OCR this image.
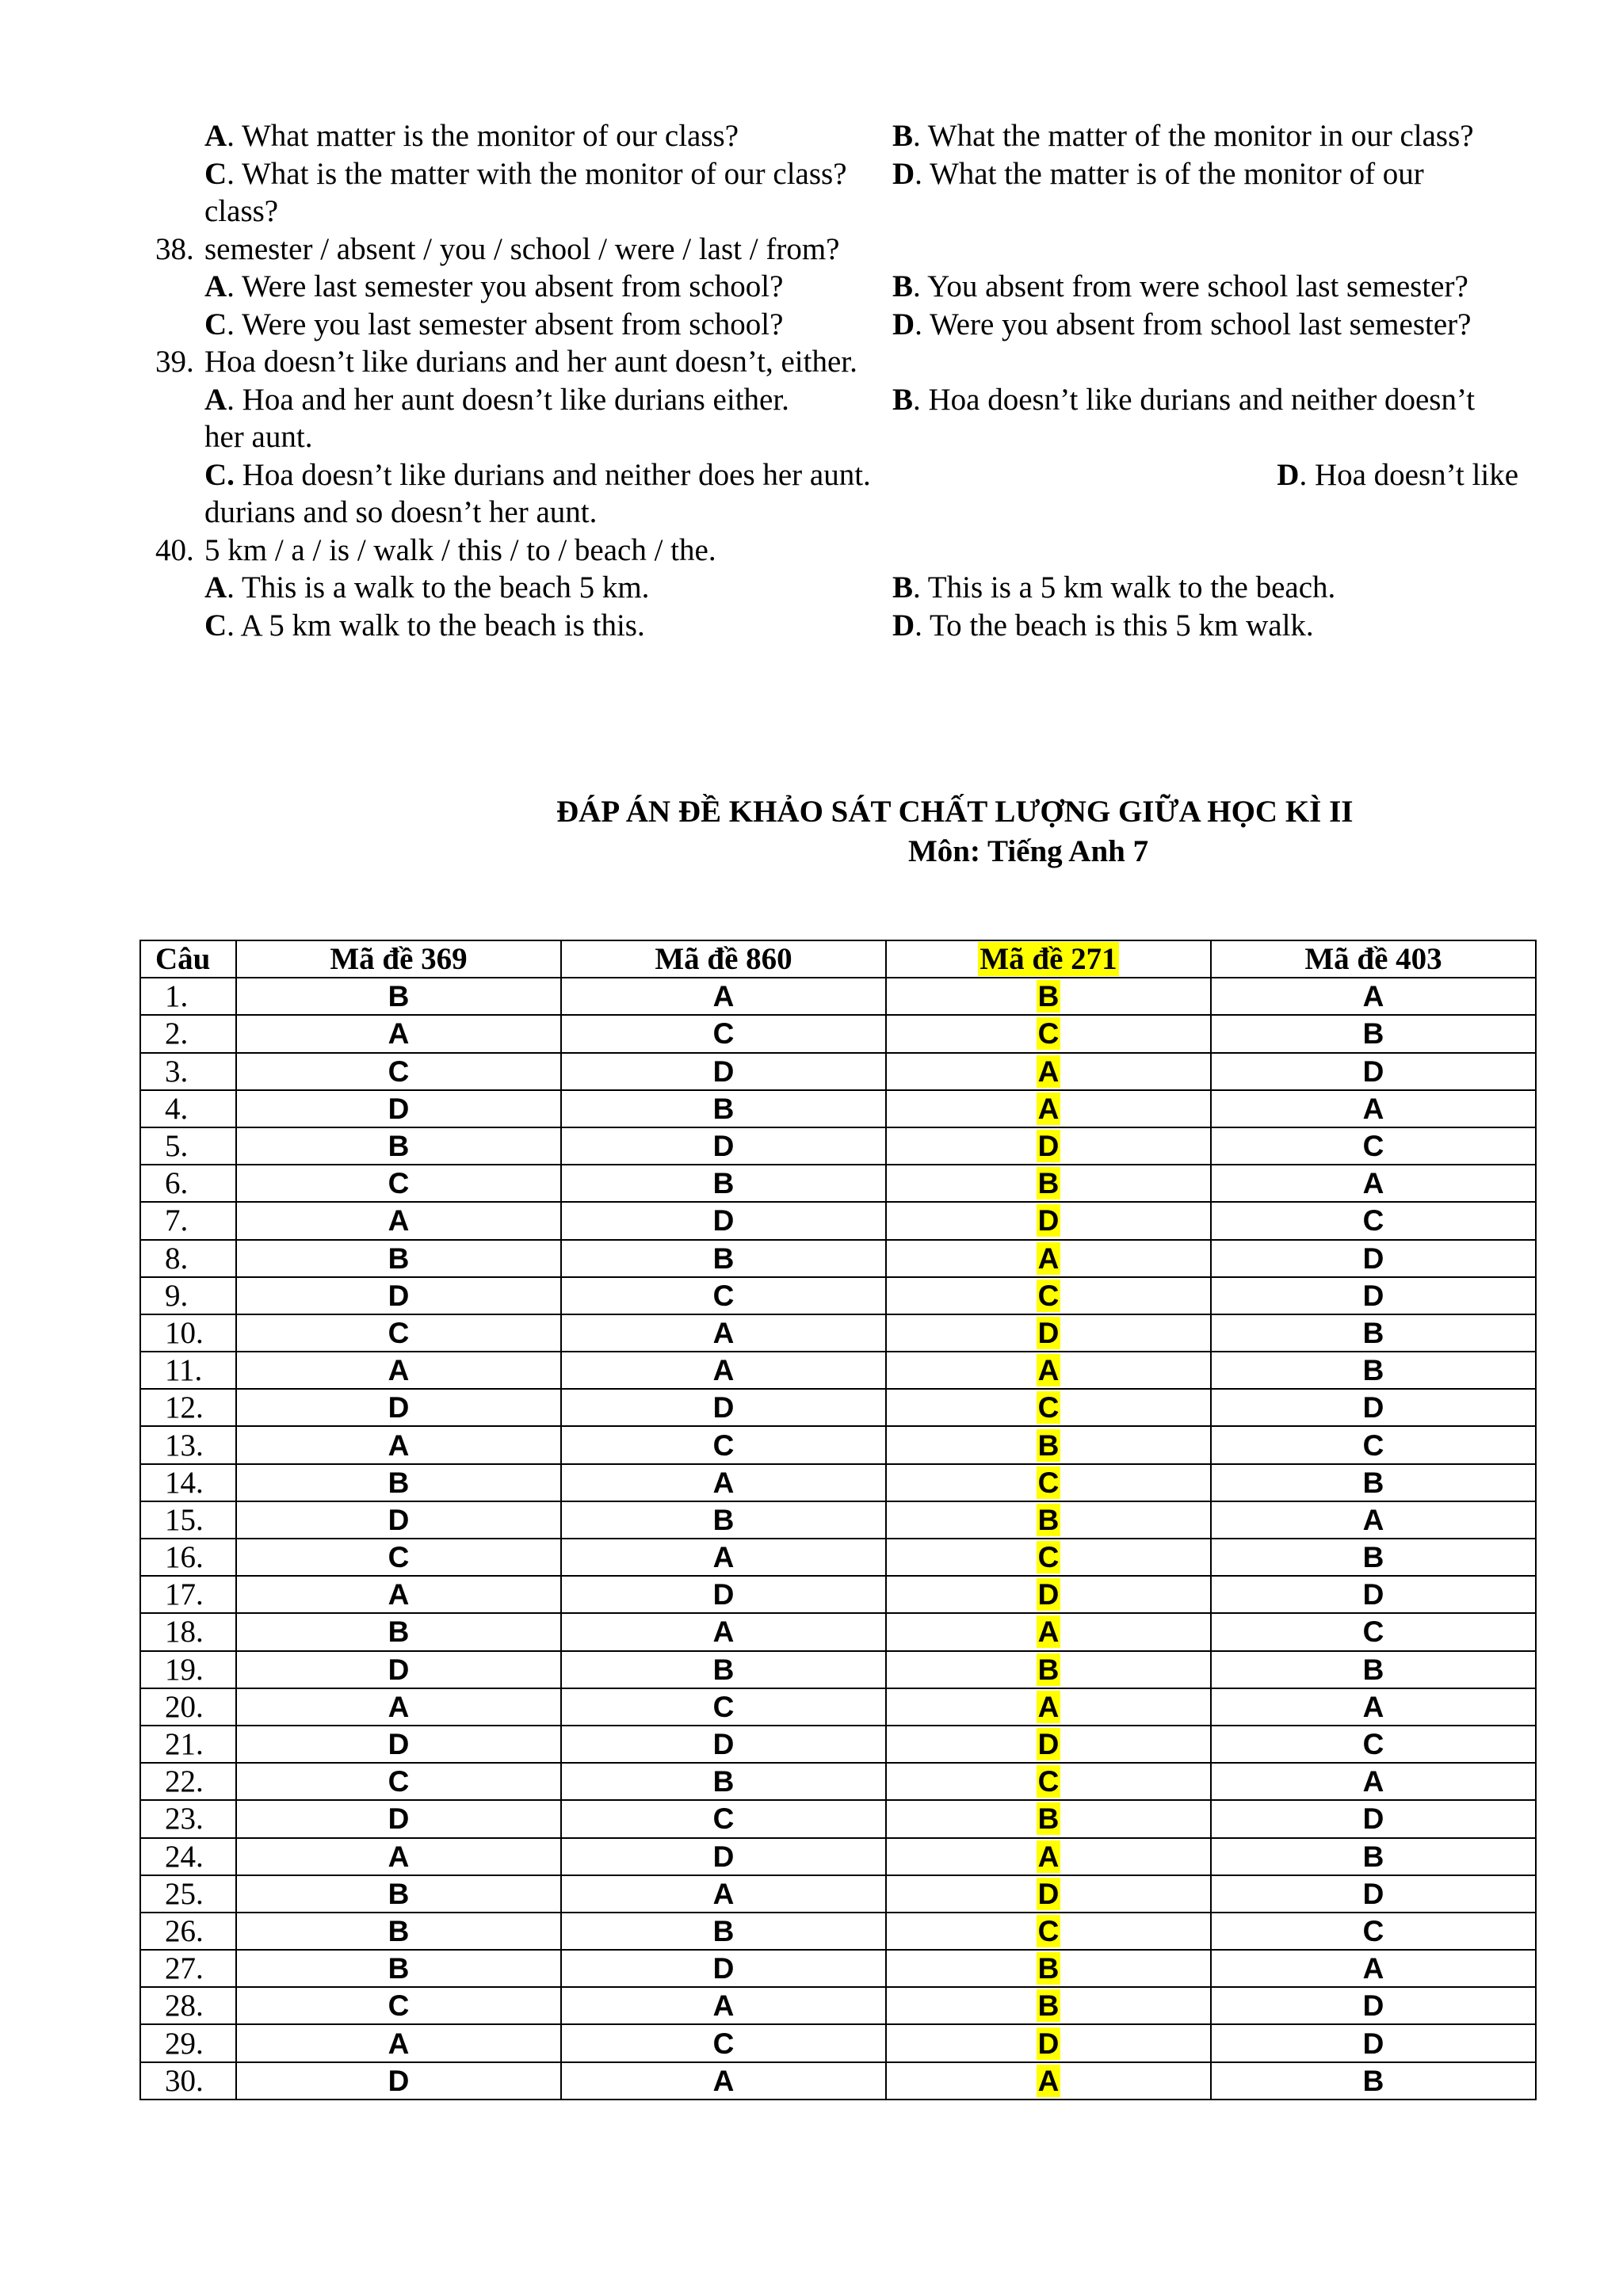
A. What matter is the monitor of our class?	B. What the matter of the monitor in our class?
C. What is the matter with the monitor of our class? D. What the matter is of the monitor of our
class?
38. semester / absent / you / school / were / last / from?
A. Were last semester you absent from school?	B. You absent from were school last semester?
C. Were you last semester absent from school?	D. Were you absent from school last semester?
39. Hoa doesn’t like durians and her aunt doesn’t, either.
A. Hoa and her aunt doesn’t like durians either.	B. Hoa doesn’t like durians and neither doesn’t
her aunt.
C. Hoa doesn’t like durians and neither does her aunt.	D. Hoa doesn’t like
durians and so doesn’t her aunt.
40. 5 km / a / is / walk / this / to / beach / the.
A. This is a walk to the beach 5 km.	B. This is a 5 km walk to the beach.
C. A 5 km walk to the beach is this.	D. To the beach is this 5 km walk.
ĐÁP ÁN ĐỀ KHẢO SÁT CHẤT LƯỢNG GIỮA HỌC KÌ II
Môn: Tiếng Anh 7
Câu	Mã đề 369	Mã đề 860	Mã đề 271	Mã đề 403
1.	B	A	B	A
2.	A	C	C	B
3.	C	D	A	D
4.	D	B	A	A
5.	B	D	D	C
6.	C	B	B	A
7.	A	D	D	C
8.	B	B	A	D
9.	D	C	C	D
10.	C	A	D	B
11.	A	A	A	B
12.	D	D	C	D
13.	A	C	B	C
14.	B	A	C	B
15.	D	B	B	A
16.	C	A	C	B
17.	A	D	D	D
18.	B	A	A	C
19.	D	B	B	B
20.	A	C	A	A
21.	D	D	D	C
22.	C	B	C	A
23.	D	C	B	D
24.	A	D	A	B
25.	B	A	D	D
26.	B	B	C	C
27.	B	D	B	A
28.	C	A	B	D
29.	A	C	D	D
30.	D	A	A	B
